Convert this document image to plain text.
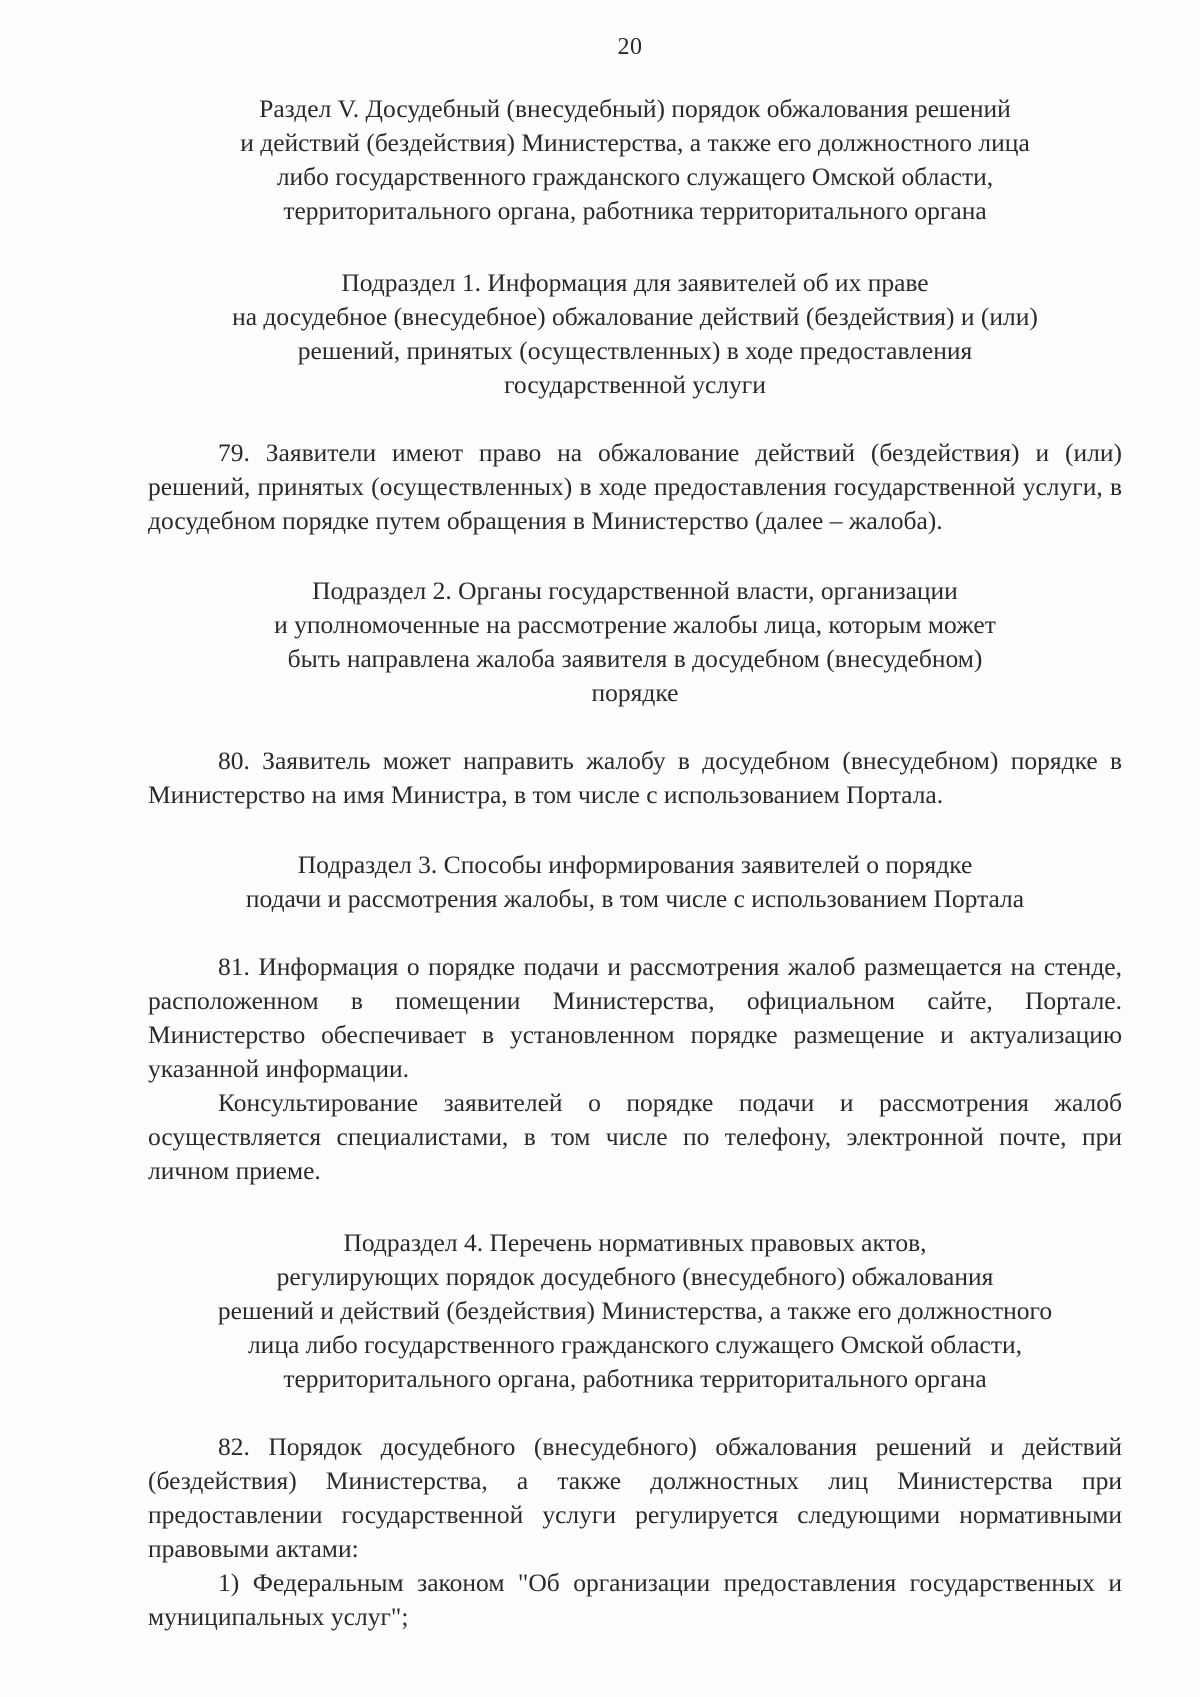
20
Раздел V. Досудебный (внесудебный) порядок обжалования решений
и действий (бездействия) Министерства, а также его должностного лица
либо государственного гражданского служащего Омской области,
территоритального органа, работника территоритального органа
Подраздел 1. Информация для заявителей об их праве
на досудебное (внесудебное) обжалование действий (бездействия) и (или)
решений, принятых (осуществленных) в ходе предоставления
государственной услуги

79. Заявители имеют право на обжалование действий (бездействия) и (или) решений, принятых (осуществленных) в ходе предоставления государственной услуги, в досудебном порядке путем обращения в Министерство (далее – жалоба).

Подраздел 2. Органы государственной власти, организации
и уполномоченные на рассмотрение жалобы лица, которым может
быть направлена жалоба заявителя в досудебном (внесудебном)
порядке

80. Заявитель может направить жалобу в досудебном (внесудебном) порядке в Министерство на имя Министра, в том числе с использованием Портала.

Подраздел 3. Способы информирования заявителей о порядке
подачи и рассмотрения жалобы, в том числе с использованием Портала

81. Информация о порядке подачи и рассмотрения жалоб размещается на стенде, расположенном в помещении Министерства, официальном сайте, Портале. Министерство обеспечивает в установленном порядке размещение и актуализацию указанной информации.

Консультирование заявителей о порядке подачи и рассмотрения жалоб осуществляется специалистами, в том числе по телефону, электронной почте, при личном приеме.

Подраздел 4. Перечень нормативных правовых актов,
регулирующих порядок досудебного (внесудебного) обжалования
решений и действий (бездействия) Министерства, а также его должностного
лица либо государственного гражданского служащего Омской области,
территоритального органа, работника территоритального органа

82. Порядок досудебного (внесудебного) обжалования решений и действий (бездействия) Министерства, а также должностных лиц Министерства при предоставлении государственной услуги регулируется следующими нормативными правовыми актами:

1) Федеральным законом "Об организации предоставления государственных и муниципальных услуг";
